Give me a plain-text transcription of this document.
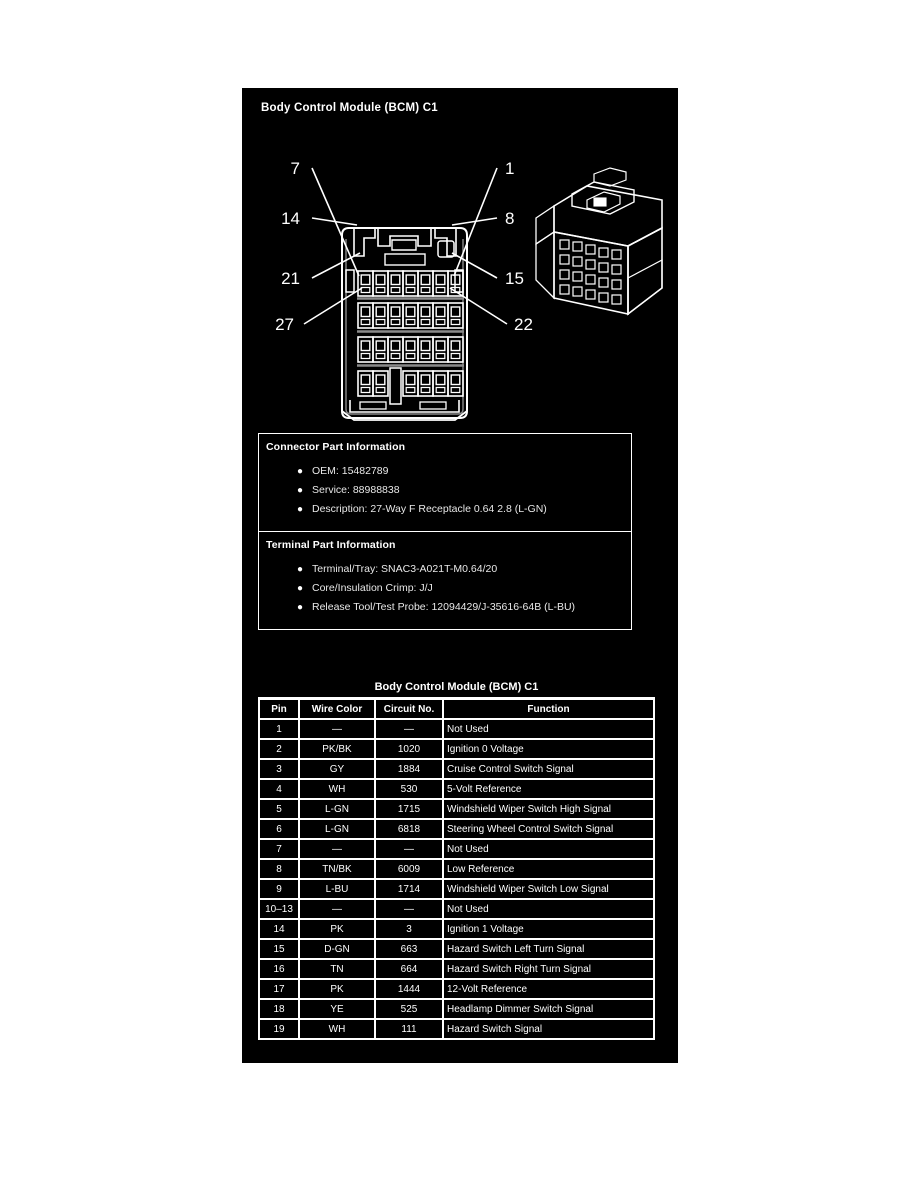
Body Control Module (BCM) C1
7
14
21
27
1
8
15
22
Connector Part Information
● OEM: 15482789
● Service: 88988838
● Description: 27-Way F Receptacle 0.64 2.8 (L-GN)
Terminal Part Information
● Terminal/Tray: SNAC3-A021T-M0.64/20
● Core/Insulation Crimp: J/J
● Release Tool/Test Probe: 12094429/J-35616-64B (L-BU)
Body Control Module (BCM) C1
Pin	Wire Color	Circuit No.	Function
1	—	—	Not Used
2	PK/BK	1020	Ignition 0 Voltage
3	GY	1884	Cruise Control Switch Signal
4	WH	530	5-Volt Reference
5	L-GN	1715	Windshield Wiper Switch High Signal
6	L-GN	6818	Steering Wheel Control Switch Signal
7	—	—	Not Used
8	TN/BK	6009	Low Reference
9	L-BU	1714	Windshield Wiper Switch Low Signal
10–13	—	—	Not Used
14	PK	3	Ignition 1 Voltage
15	D-GN	663	Hazard Switch Left Turn Signal
16	TN	664	Hazard Switch Right Turn Signal
17	PK	1444	12-Volt Reference
18	YE	525	Headlamp Dimmer Switch Signal
19	WH	111	Hazard Switch Signal
